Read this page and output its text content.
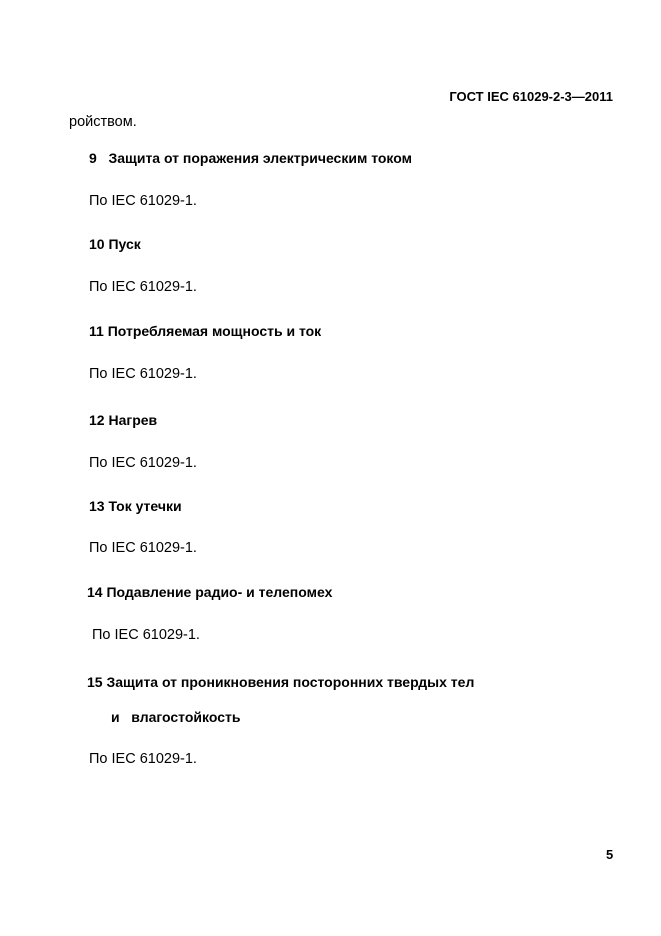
ГОСТ IEC 61029-2-3—2011
ройством.
9 Защита от поражения электрическим током
По IEC 61029-1.
10 Пуск
По IEC 61029-1.
11 Потребляемая мощность и ток
По IEC 61029-1.
12 Нагрев
По IEC 61029-1.
13 Ток утечки
По IEC 61029-1.
14 Подавление радио- и телепомех
По IEC 61029-1.
15 Защита от проникновения посторонних твердых тел
и   влагостойкость
По IEC 61029-1.
5
